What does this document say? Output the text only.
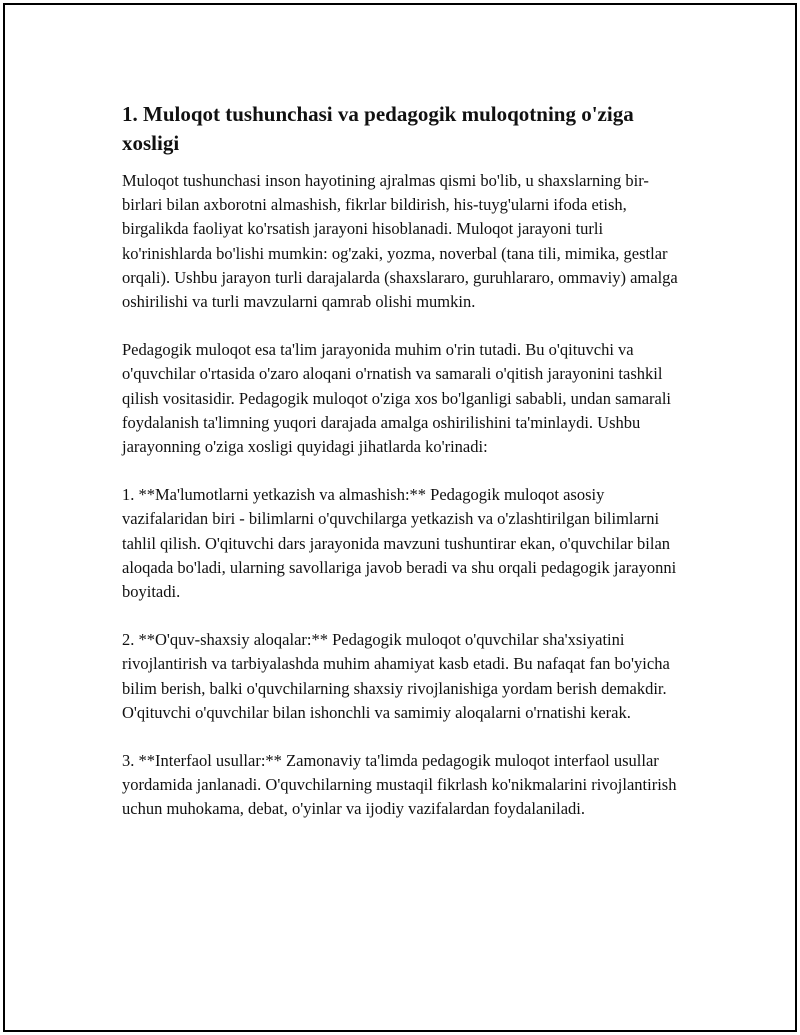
1. Muloqot tushunchasi va pedagogik muloqotning o'ziga xosligi

Muloqot tushunchasi inson hayotining ajralmas qismi bo'lib, u shaxslarning bir-birlari bilan axborotni almashish, fikrlar bildirish, his-tuyg'ularni ifoda etish, birgalikda faoliyat ko'rsatish jarayoni hisoblanadi. Muloqot jarayoni turli ko'rinishlarda bo'lishi mumkin: og'zaki, yozma, noverbal (tana tili, mimika, gestlar orqali). Ushbu jarayon turli darajalarda (shaxslararo, guruhlararo, ommaviy) amalga oshirilishi va turli mavzularni qamrab olishi mumkin.

Pedagogik muloqot esa ta'lim jarayonida muhim o'rin tutadi. Bu o'qituvchi va o'quvchilar o'rtasida o'zaro aloqani o'rnatish va samarali o'qitish jarayonini tashkil qilish vositasidir. Pedagogik muloqot o'ziga xos bo'lganligi sababli, undan samarali foydalanish ta'limning yuqori darajada amalga oshirilishini ta'minlaydi. Ushbu jarayonning o'ziga xosligi quyidagi jihatlarda ko'rinadi:

1. **Ma'lumotlarni yetkazish va almashish:** Pedagogik muloqot asosiy vazifalaridan biri - bilimlarni o'quvchilarga yetkazish va o'zlashtirilgan bilimlarni tahlil qilish. O'qituvchi dars jarayonida mavzuni tushuntirar ekan, o'quvchilar bilan aloqada bo'ladi, ularning savollariga javob beradi va shu orqali pedagogik jarayonni boyitadi.

2. **O'quv-shaxsiy aloqalar:** Pedagogik muloqot o'quvchilar sha'xsiyatini rivojlantirish va tarbiyalashda muhim ahamiyat kasb etadi. Bu nafaqat fan bo'yicha bilim berish, balki o'quvchilarning shaxsiy rivojlanishiga yordam berish demakdir. O'qituvchi o'quvchilar bilan ishonchli va samimiy aloqalarni o'rnatishi kerak.

3. **Interfaol usullar:** Zamonaviy ta'limda pedagogik muloqot interfaol usullar yordamida janlanadi. O'quvchilarning mustaqil fikrlash ko'nikmalarini rivojlantirish uchun muhokama, debat, o'yinlar va ijodiy vazifalardan foydalaniladi.
